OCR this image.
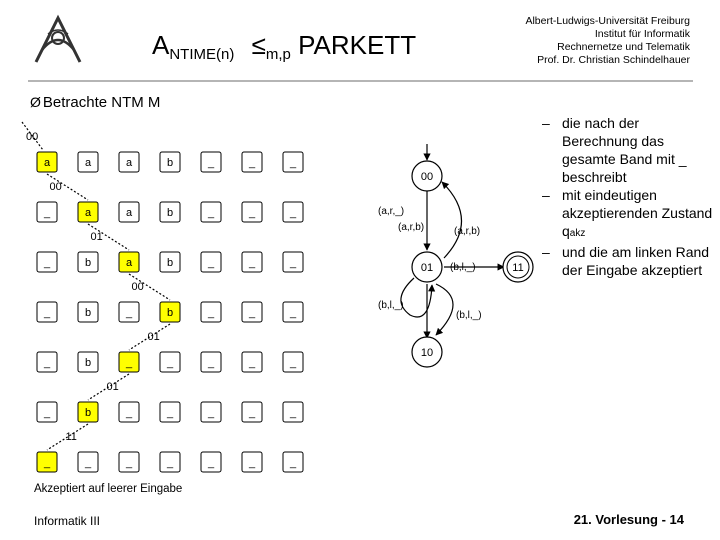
ANTIME(n) ≤m,p PARKETT
Albert-Ludwigs-Universität Freiburg
Institut für Informatik
Rechnernetze und Telematik
Prof. Dr. Christian Schindelhauer
Ø Betrachte NTM M
a	a	a	b	_	_	_
_	a	a	b	_	_	_
_	b	a	b	_	_	_
_	b	_	b	_	_	_
_	b	_	_	_	_	_
_	b	_	_	_	_	_
_	_	_	_	_	_	_
00
00
01
00
01
01
11
Akzeptiert auf leerer Eingabe
00
01
10
11
(a,r,_)
(a,r,b)	(a,r,b)
(b,l,_)
(b,l,_)
(b,l,_)
– die nach der Berechnung das gesamte Band mit _ beschreibt
– mit eindeutigen akzeptierenden Zustand qakz
– und die am linken Rand der Eingabe akzeptiert
Informatik III	21. Vorlesung - 14
